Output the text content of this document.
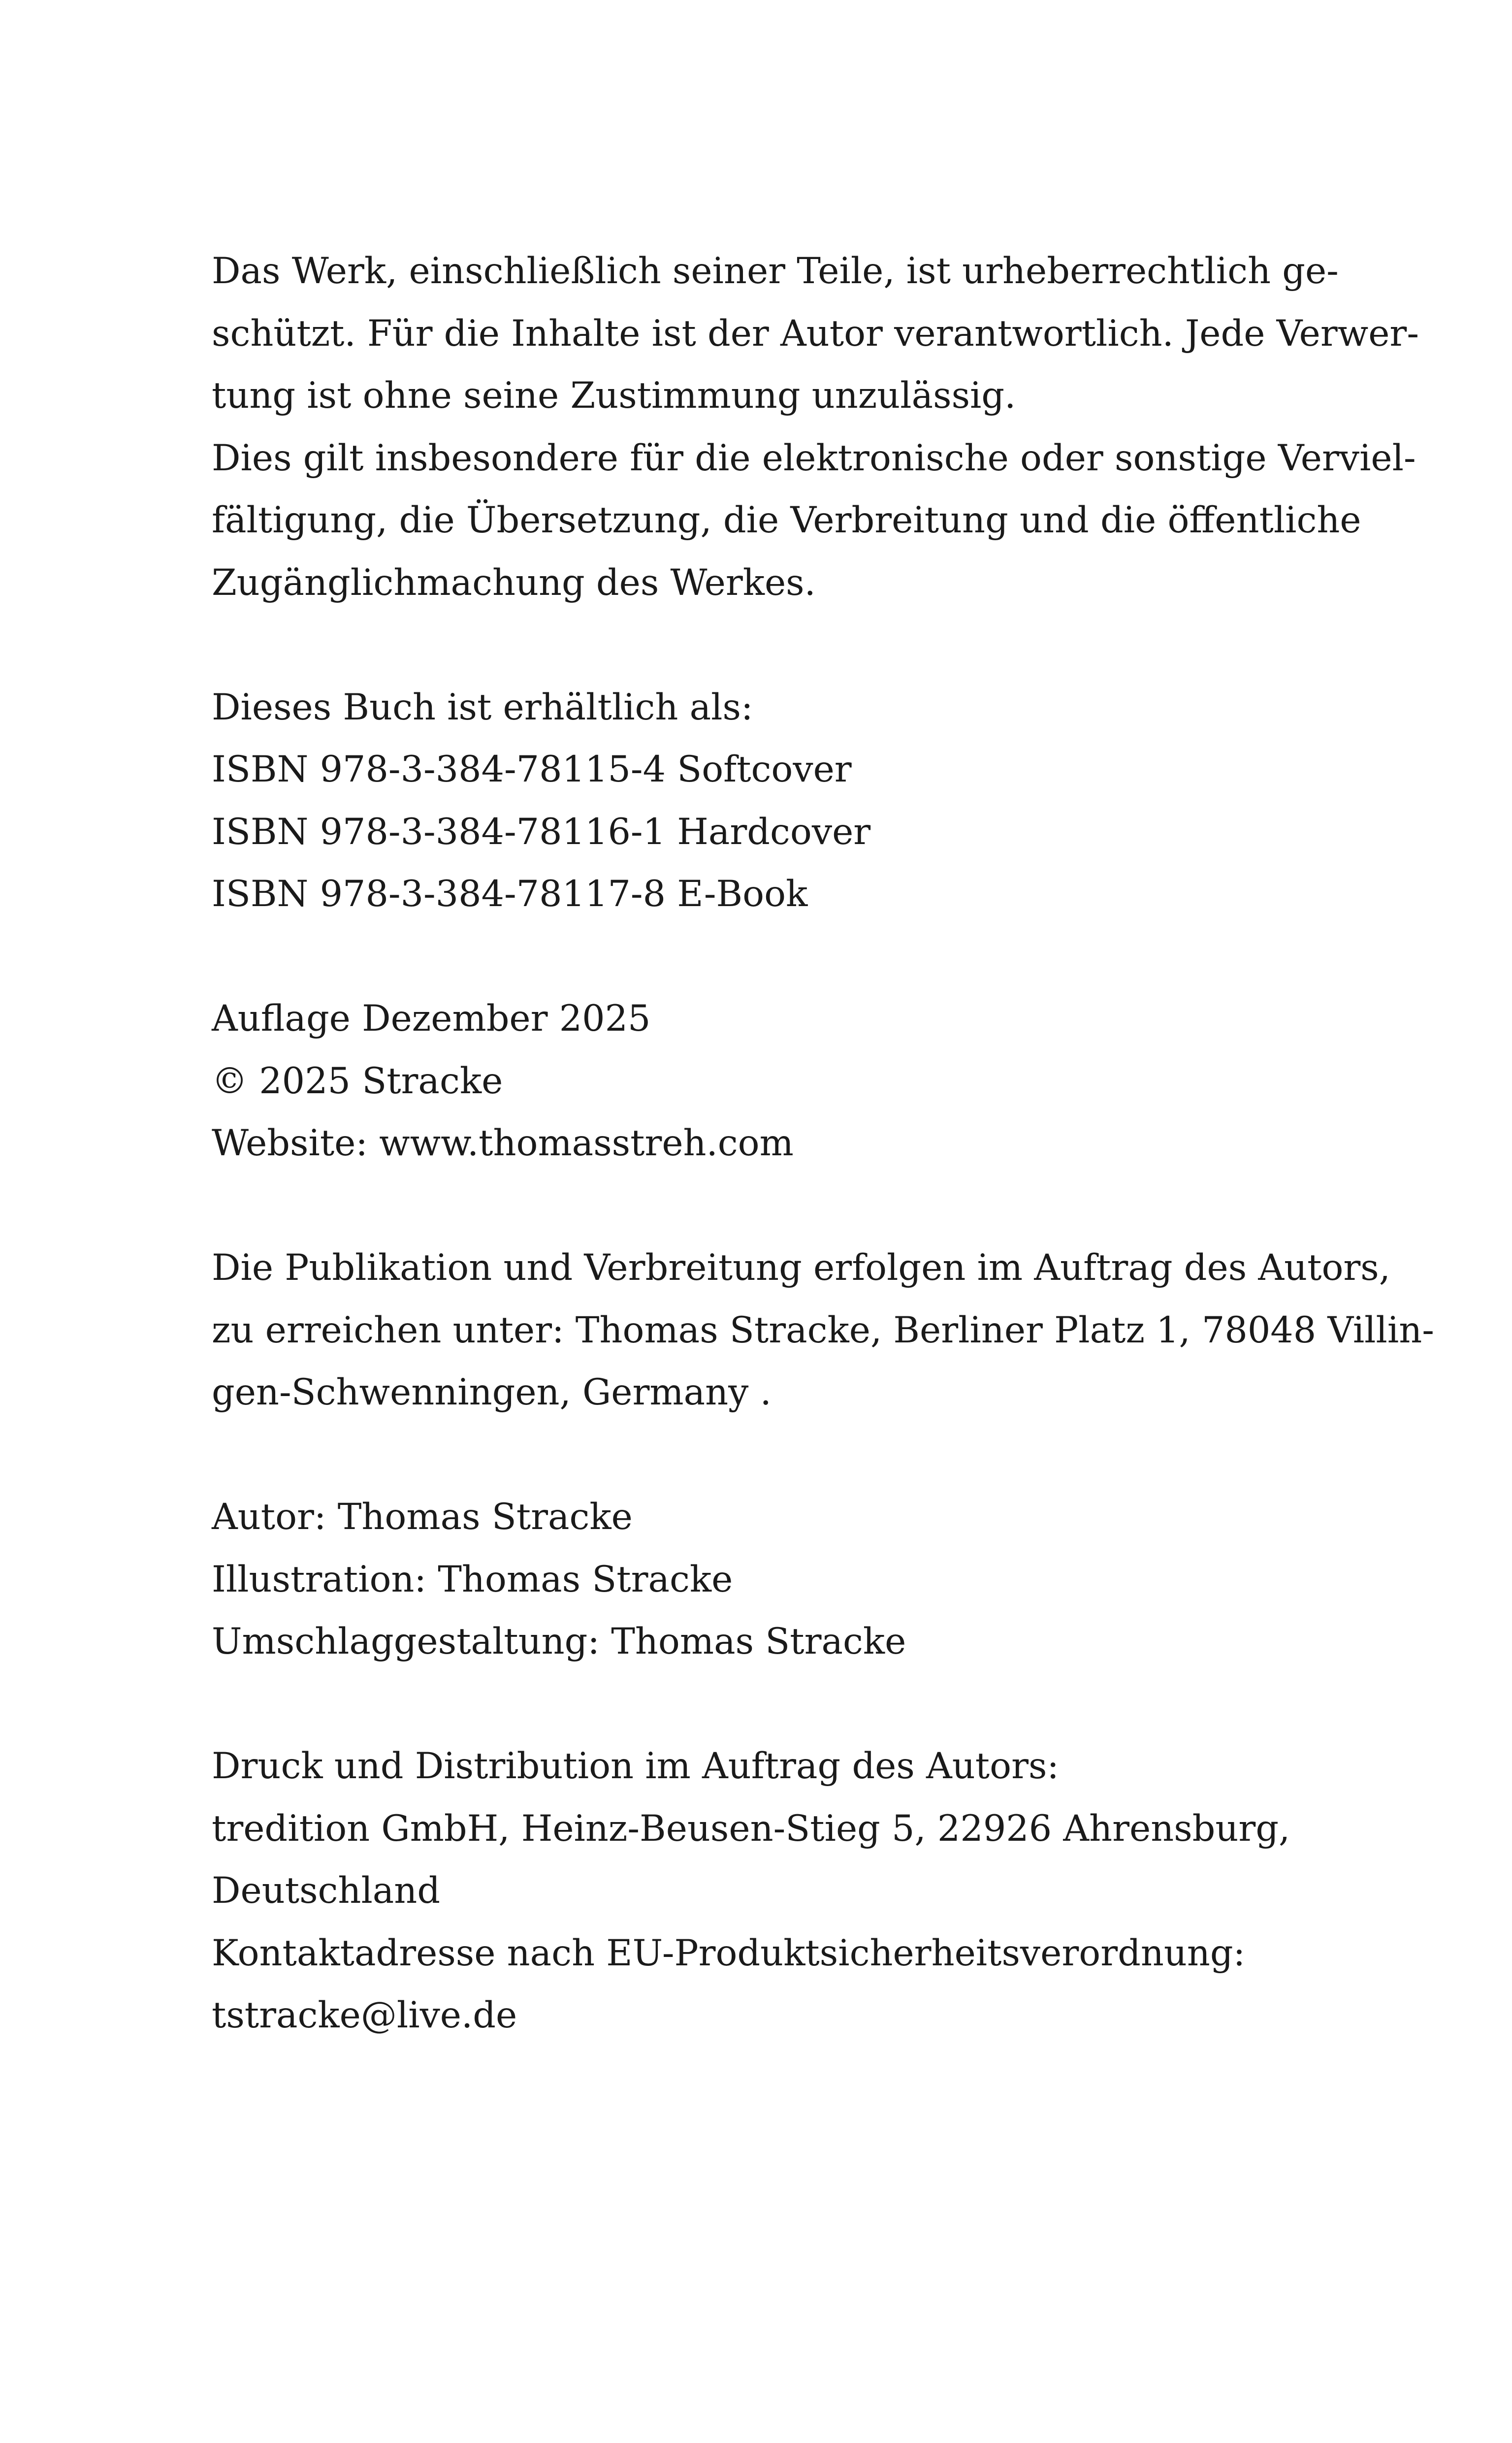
Das Werk, einschließlich seiner Teile, ist urheberrechtlich ge-
schützt. Für die Inhalte ist der Autor verantwortlich. Jede Verwer-
tung ist ohne seine Zustimmung unzulässig.
Dies gilt insbesondere für die elektronische oder sonstige Verviel-
fältigung, die Übersetzung, die Verbreitung und die öffentliche
Zugänglichmachung des Werkes.
Dieses Buch ist erhältlich als:
ISBN 978-3-384-78115-4 Softcover
ISBN 978-3-384-78116-1 Hardcover
ISBN 978-3-384-78117-8 E-Book
Auflage Dezember 2025
© 2025 Stracke
Website: www.thomasstreh.com
Die Publikation und Verbreitung erfolgen im Auftrag des Autors,
zu erreichen unter: Thomas Stracke, Berliner Platz 1, 78048 Villin-
gen-Schwenningen, Germany .
Autor: Thomas Stracke
Illustration: Thomas Stracke
Umschlaggestaltung: Thomas Stracke
Druck und Distribution im Auftrag des Autors:
tredition GmbH, Heinz-Beusen-Stieg 5, 22926 Ahrensburg,
Deutschland
Kontaktadresse nach EU-Produktsicherheitsverordnung:
tstracke@live.de
